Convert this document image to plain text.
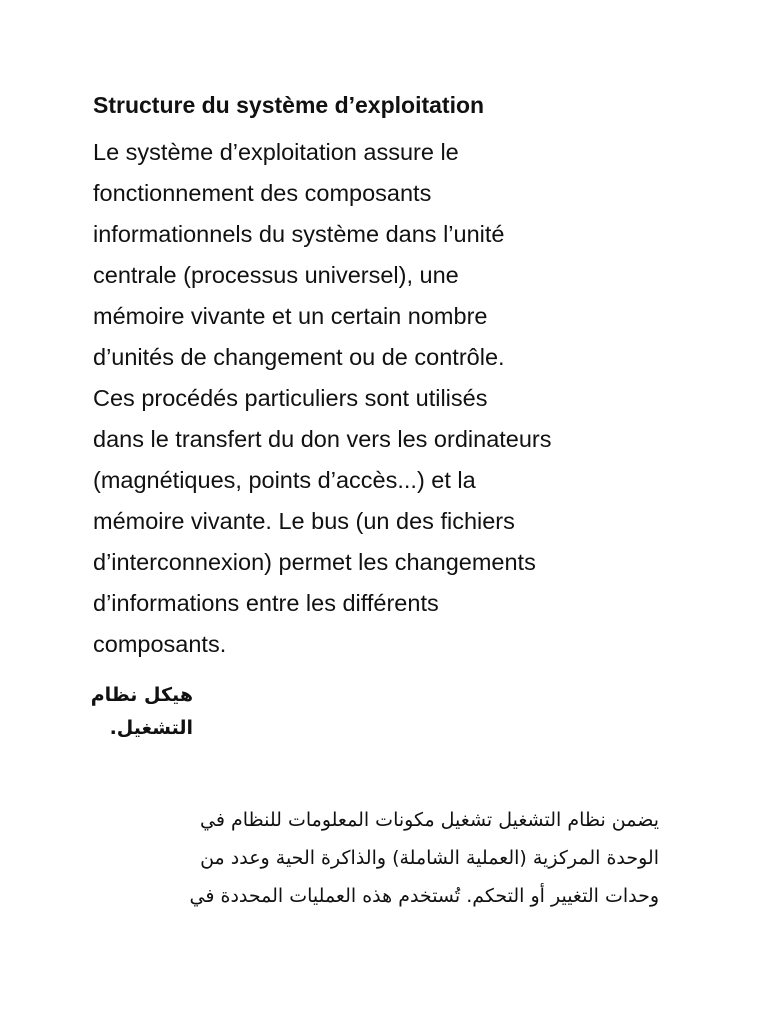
Structure du système d’exploitation

Le système d’exploitation assure le
fonctionnement des composants
informationnels du système dans l’unité
centrale (processus universel), une
mémoire vivante et un certain nombre
d’unités de changement ou de contrôle.
Ces procédés particuliers sont utilisés
dans le transfert du don vers les ordinateurs
(magnétiques, points d’accès...) et la
mémoire vivante. Le bus (un des fichiers
d’interconnexion) permet les changements
d’informations entre les différents
composants.

هيكل نظام
التشغيل.
يضمن نظام التشغيل تشغيل مكونات المعلومات للنظام في
الوحدة المركزية (العملية الشاملة) والذاكرة الحية وعدد من
وحدات التغيير أو التحكم. تُستخدم هذه العمليات المحددة في
